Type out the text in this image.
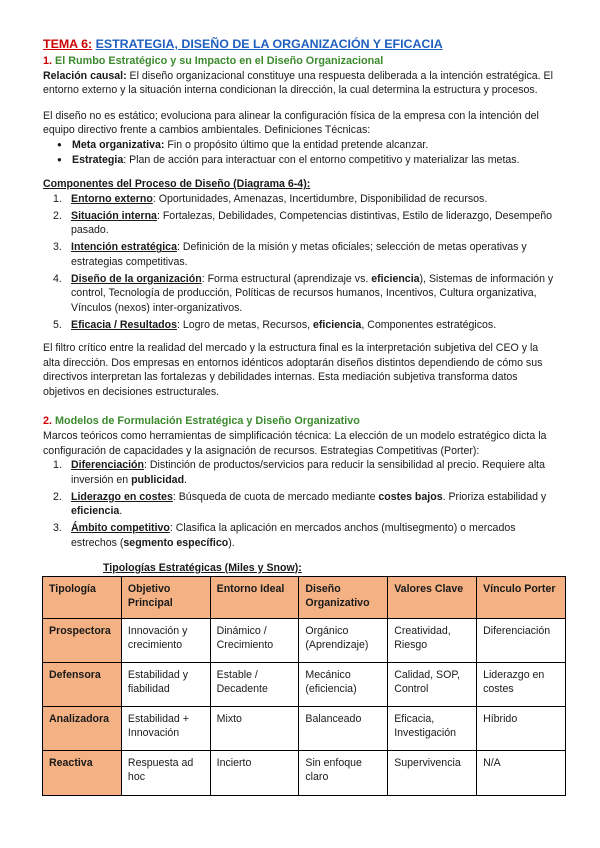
TEMA 6: ESTRATEGIA, DISEÑO DE LA ORGANIZACIÓN Y EFICACIA
1. El Rumbo Estratégico y su Impacto en el Diseño Organizacional

Relación causal: El diseño organizacional constituye una respuesta deliberada a la intención estratégica. El entorno externo y la situación interna condicionan la dirección, la cual determina la estructura y procesos.

El diseño no es estático; evoluciona para alinear la configuración física de la empresa con la intención del equipo directivo frente a cambios ambientales. Definiciones Técnicas:

● Meta organizativa: Fin o propósito último que la entidad pretende alcanzar.
● Estrategia: Plan de acción para interactuar con el entorno competitivo y materializar las metas.

Componentes del Proceso de Diseño (Diagrama 6-4):

1. Entorno externo: Oportunidades, Amenazas, Incertidumbre, Disponibilidad de recursos.
2. Situación interna: Fortalezas, Debilidades, Competencias distintivas, Estilo de liderazgo, Desempeño pasado.
3. Intención estratégica: Definición de la misión y metas oficiales; selección de metas operativas y estrategias competitivas.
4. Diseño de la organización: Forma estructural (aprendizaje vs. eficiencia), Sistemas de información y control, Tecnología de producción, Políticas de recursos humanos, Incentivos, Cultura organizativa, Vínculos (nexos) inter-organizativos.
5. Eficacia / Resultados: Logro de metas, Recursos, eficiencia, Componentes estratégicos.

El filtro crítico entre la realidad del mercado y la estructura final es la interpretación subjetiva del CEO y la alta dirección. Dos empresas en entornos idénticos adoptarán diseños distintos dependiendo de cómo sus directivos interpretan las fortalezas y debilidades internas. Esta mediación subjetiva transforma datos objetivos en decisiones estructurales.

2. Modelos de Formulación Estratégica y Diseño Organizativo

Marcos teóricos como herramientas de simplificación técnica: La elección de un modelo estratégico dicta la configuración de capacidades y la asignación de recursos. Estrategias Competitivas (Porter):

1. Diferenciación: Distinción de productos/servicios para reducir la sensibilidad al precio. Requiere alta inversión en publicidad.
2. Liderazgo en costes: Búsqueda de cuota de mercado mediante costes bajos. Prioriza estabilidad y eficiencia.
3. Ámbito competitivo: Clasifica la aplicación en mercados anchos (multisegmento) o mercados estrechos (segmento específico).

Tipologías Estratégicas (Miles y Snow):

Tipología	Objetivo Principal	Entorno Ideal	Diseño Organizativo	Valores Clave	Vínculo Porter
Prospectora	Innovación y crecimiento	Dinámico / Crecimiento	Orgánico (Aprendizaje)	Creatividad, Riesgo	Diferenciación
Defensora	Estabilidad y fiabilidad	Estable / Decadente	Mecánico (eficiencia)	Calidad, SOP, Control	Liderazgo en costes
Analizadora	Estabilidad + Innovación	Mixto	Balanceado	Eficacia, Investigación	Híbrido
Reactiva	Respuesta ad hoc	Incierto	Sin enfoque claro	Supervivencia	N/A
